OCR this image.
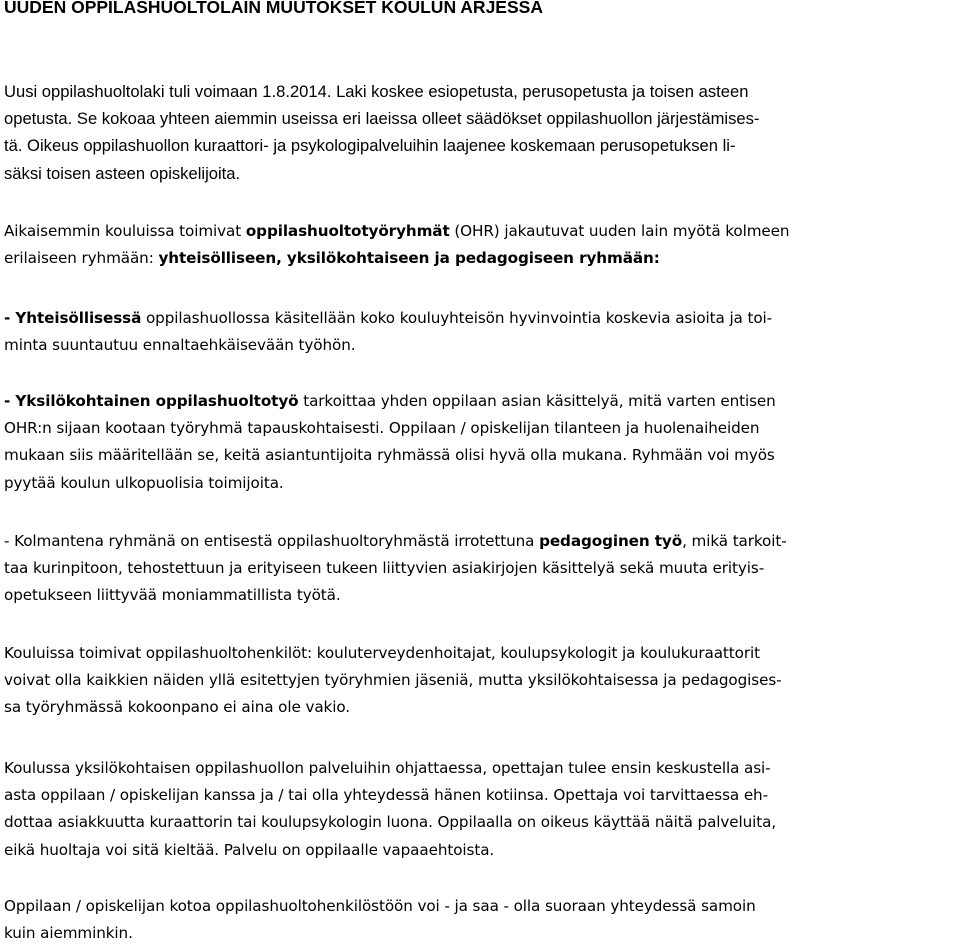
UUDEN OPPILASHUOLTOLAIN MUUTOKSET KOULUN ARJESSA

Uusi oppilashuoltolaki tuli voimaan 1.8.2014. Laki koskee esiopetusta, perusopetusta ja toisen asteen
opetusta. Se kokoaa yhteen aiemmin useissa eri laeissa olleet säädökset oppilashuollon järjestämises-
tä. Oikeus oppilashuollon kuraattori- ja psykologipalveluihin laajenee koskemaan perusopetuksen li-
säksi toisen asteen opiskelijoita.

Aikaisemmin kouluissa toimivat oppilashuoltotyöryhmät (OHR) jakautuvat uuden lain myötä kolmeen
erilaiseen ryhmään: yhteisölliseen, yksilökohtaiseen ja pedagogiseen ryhmään:

- Yhteisöllisessä oppilashuollossa käsitellään koko kouluyhteisön hyvinvointia koskevia asioita ja toi-
minta suuntautuu ennaltaehkäisevään työhön.

- Yksilökohtainen oppilashuoltotyö tarkoittaa yhden oppilaan asian käsittelyä, mitä varten entisen
OHR:n sijaan kootaan työryhmä tapauskohtaisesti. Oppilaan / opiskelijan tilanteen ja huolenaiheiden
mukaan siis määritellään se, keitä asiantuntijoita ryhmässä olisi hyvä olla mukana. Ryhmään voi myös
pyytää koulun ulkopuolisia toimijoita.

- Kolmantena ryhmänä on entisestä oppilashuoltoryhmästä irrotettuna pedagoginen työ, mikä tarkoit-
taa kurinpitoon, tehostettuun ja erityiseen tukeen liittyvien asiakirjojen käsittelyä sekä muuta erityis-
opetukseen liittyvää moniammatillista työtä.

Kouluissa toimivat oppilashuoltohenkilöt: kouluterveydenhoitajat, koulupsykologit ja koulukuraattorit
voivat olla kaikkien näiden yllä esitettyjen työryhmien jäseniä, mutta yksilökohtaisessa ja pedagogises-
sa työryhmässä kokoonpano ei aina ole vakio.

Koulussa yksilökohtaisen oppilashuollon palveluihin ohjattaessa, opettajan tulee ensin keskustella asi-
asta oppilaan / opiskelijan kanssa ja / tai olla yhteydessä hänen kotiinsa. Opettaja voi tarvittaessa eh-
dottaa asiakkuutta kuraattorin tai koulupsykologin luona. Oppilaalla on oikeus käyttää näitä palveluita,
eikä huoltaja voi sitä kieltää. Palvelu on oppilaalle vapaaehtoista.

Oppilaan / opiskelijan kotoa oppilashuoltohenkilöstöön voi - ja saa - olla suoraan yhteydessä samoin
kuin aiemminkin.
